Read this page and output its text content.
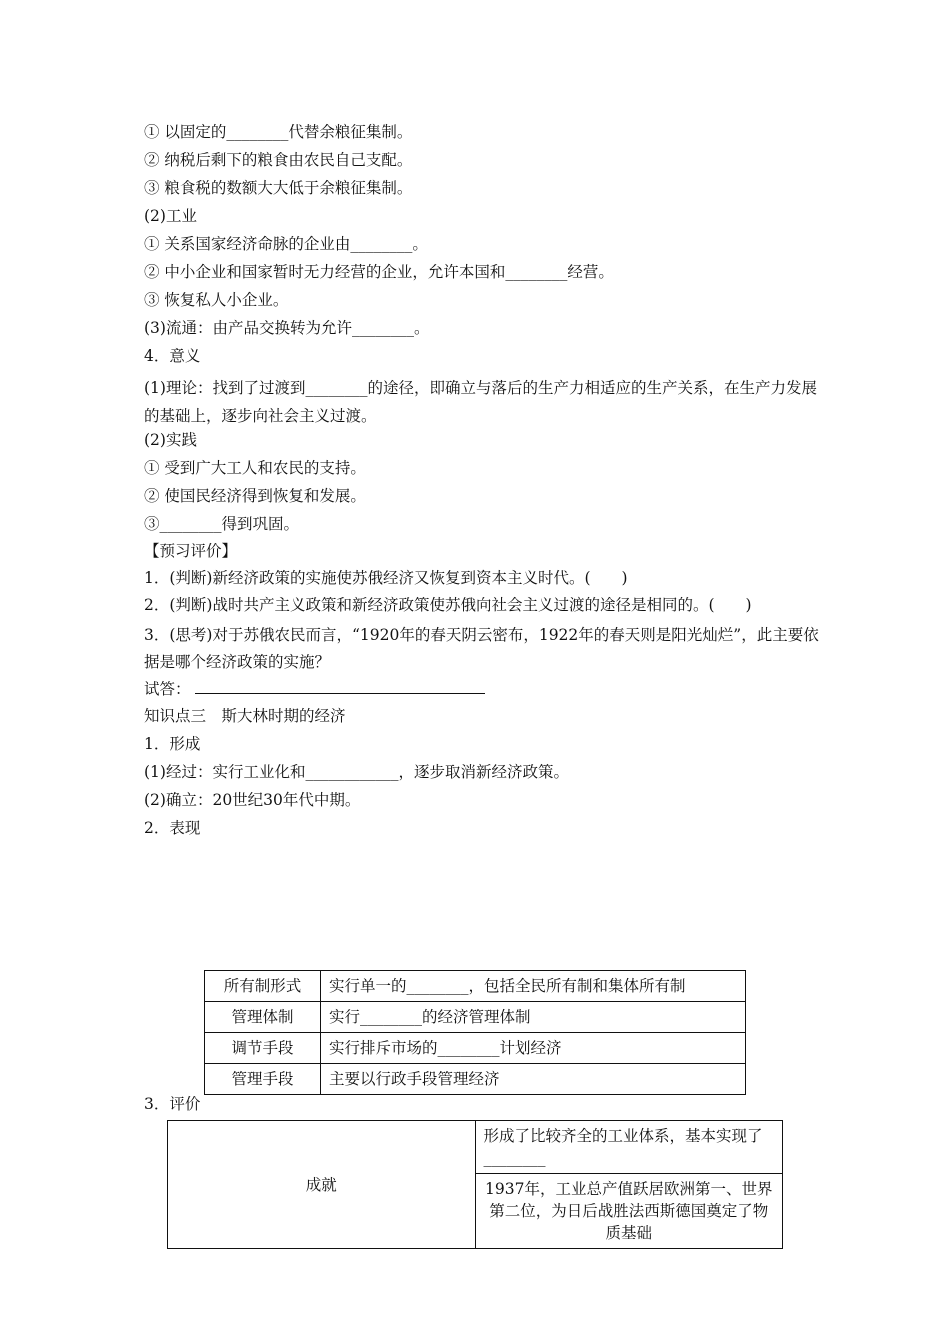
① 以固定的________代替余粮征集制。
② 纳税后剩下的粮食由农民自己支配。
③ 粮食税的数额大大低于余粮征集制。
(2)工业
① 关系国家经济命脉的企业由________。
② 中小企业和国家暂时无力经营的企业，允许本国和________经营。
③ 恢复私人小企业。
(3)流通：由产品交换转为允许________。
4．意义
(1)理论：找到了过渡到________的途径，即确立与落后的生产力相适应的生产关系，在生产力发展的基础上，逐步向社会主义过渡。
(2)实践
① 受到广大工人和农民的支持。
② 使国民经济得到恢复和发展。
③________得到巩固。
【预习评价】
1．(判断)新经济政策的实施使苏俄经济又恢复到资本主义时代。(　　)
2．(判断)战时共产主义政策和新经济政策使苏俄向社会主义过渡的途径是相同的。(　　)
3．(思考)对于苏俄农民而言，“1920年的春天阴云密布，1922年的春天则是阳光灿烂”，此主要依据是哪个经济政策的实施？
试答：
知识点三　斯大林时期的经济
1．形成
(1)经过：实行工业化和____________，逐步取消新经济政策。
(2)确立：20世纪30年代中期。
2．表现
所有制形式	实行单一的________，包括全民所有制和集体所有制
管理体制	实行________的经济管理体制
调节手段	实行排斥市场的________计划经济
管理手段	主要以行政手段管理经济
3．评价
成就	形成了比较齐全的工业体系，基本实现了________
1937年，工业总产值跃居欧洲第一、世界第二位，为日后战胜法西斯德国奠定了物质基础
